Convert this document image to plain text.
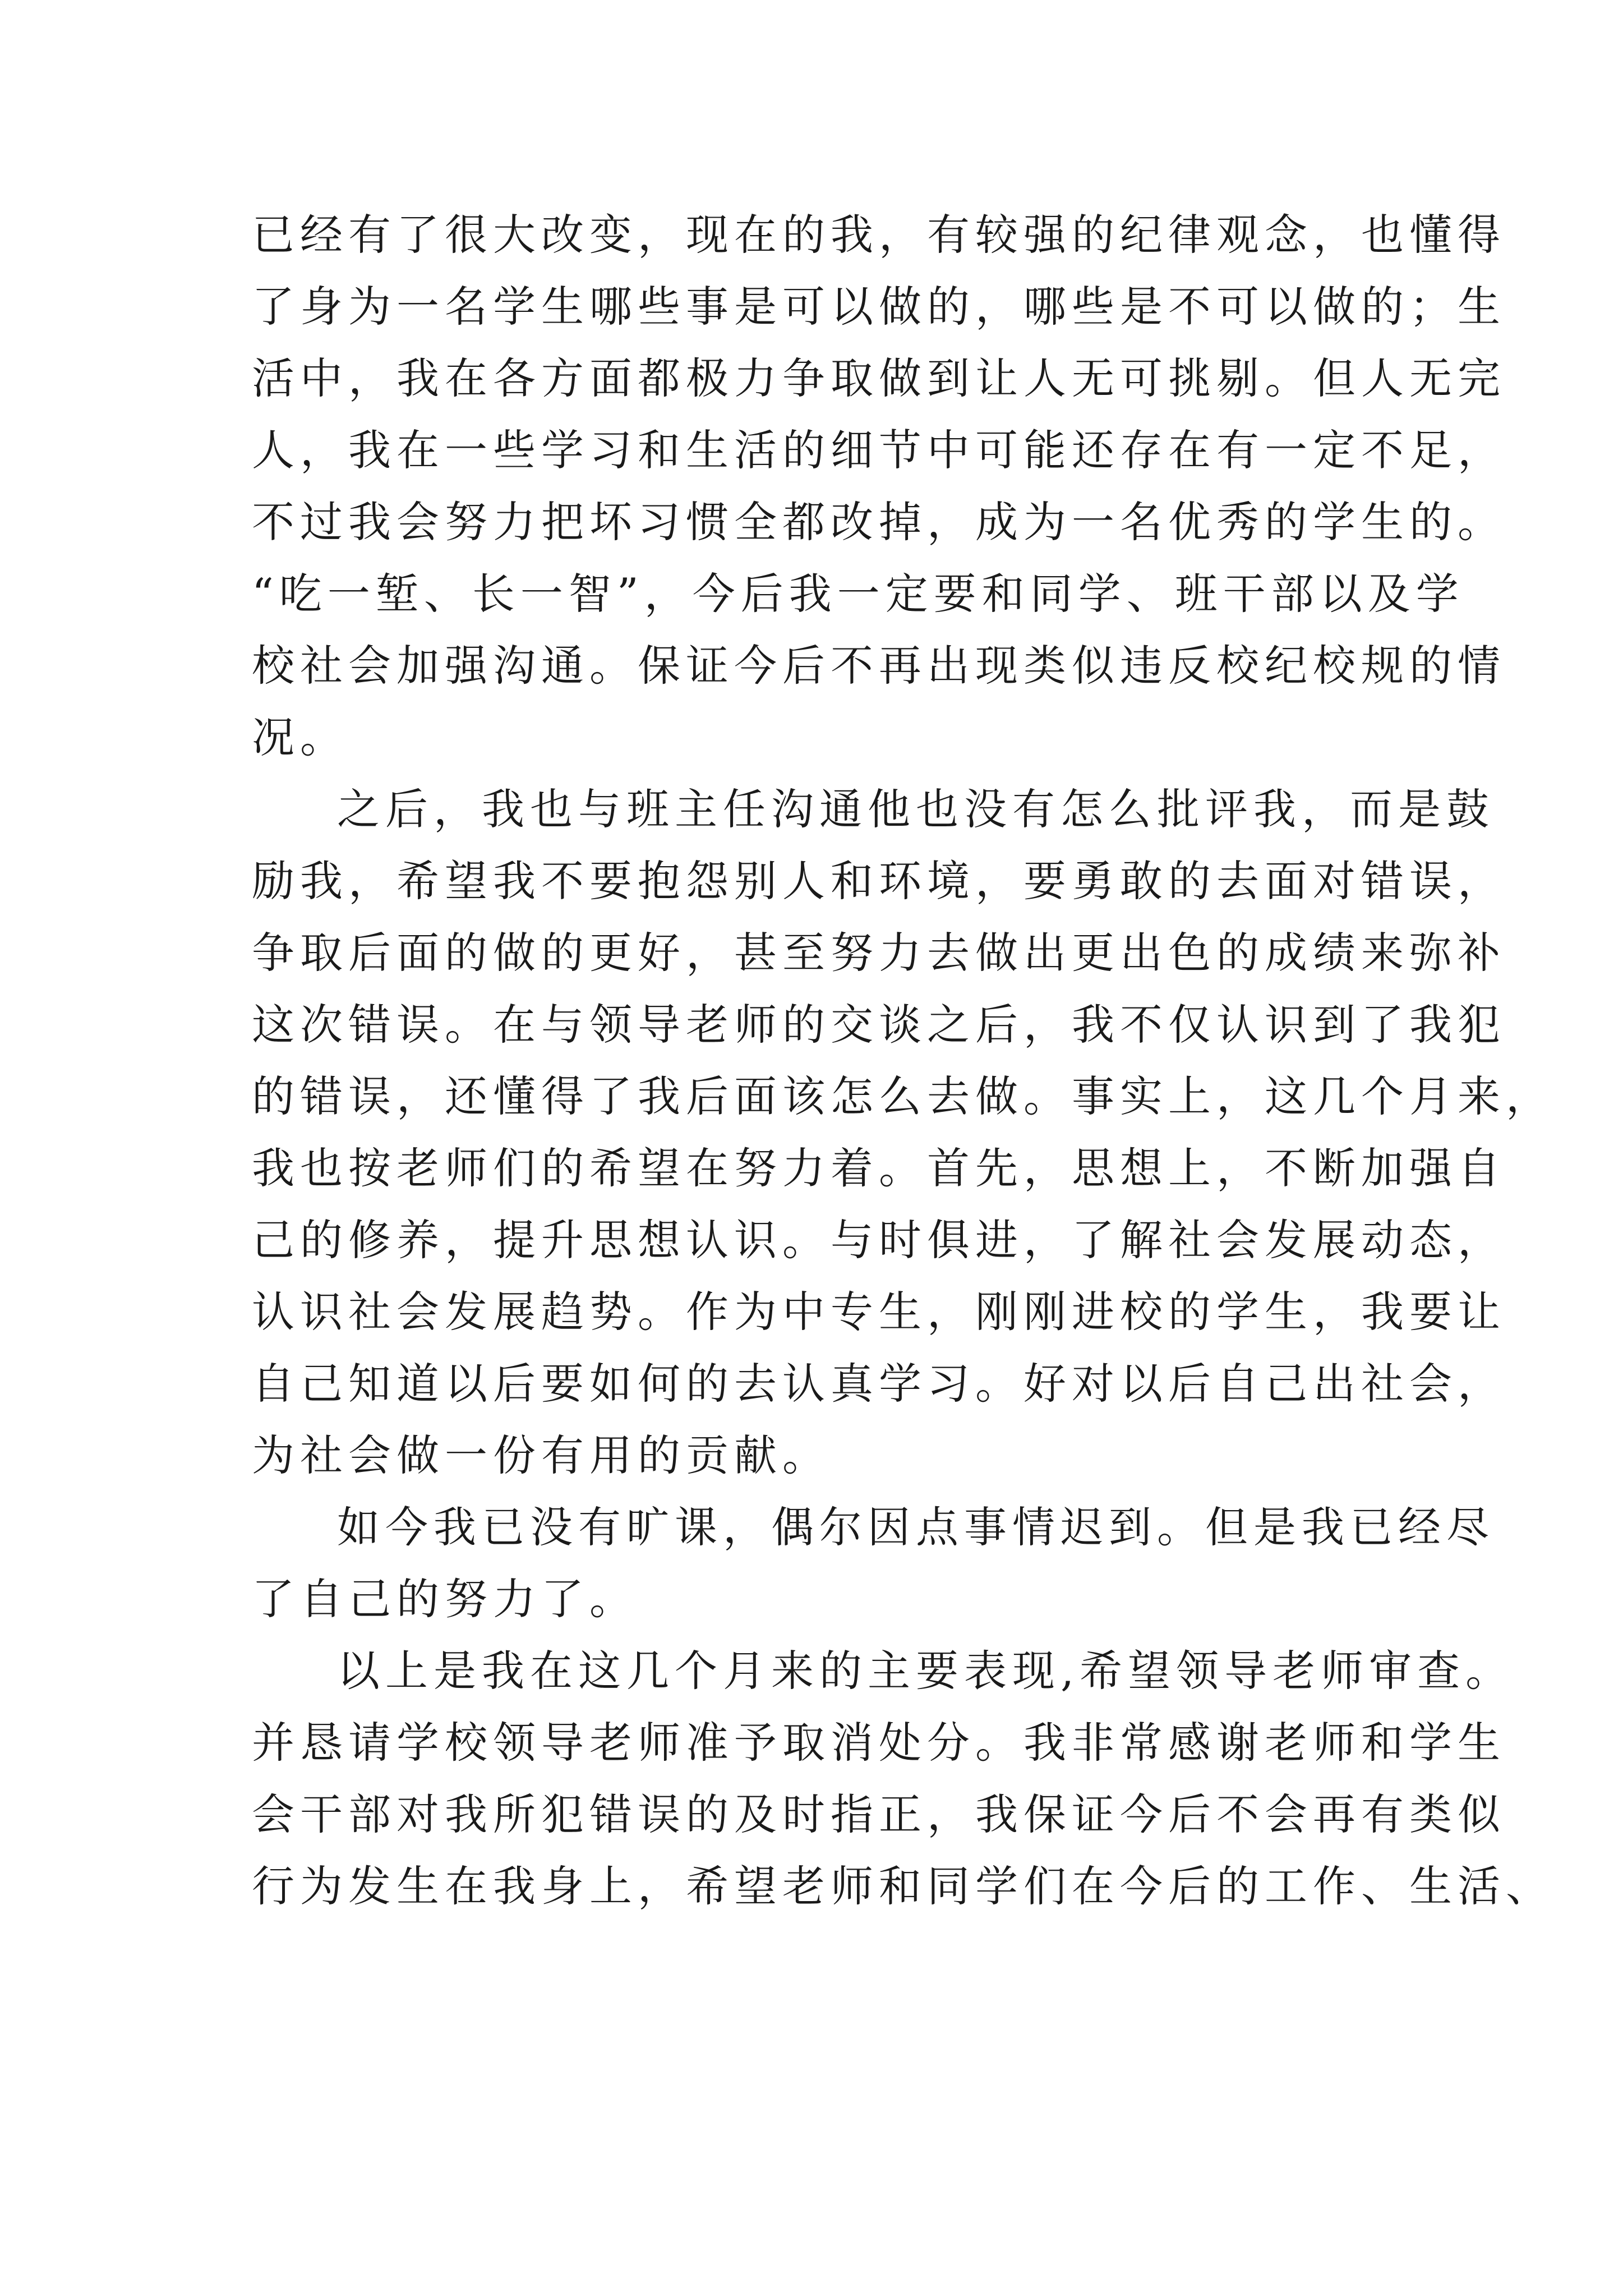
已经有了很大改变，现在的我，有较强的纪律观念，也懂得
了身为一名学生哪些事是可以做的，哪些是不可以做的；生
活中，我在各方面都极力争取做到让人无可挑剔。但人无完
人，我在一些学习和生活的细节中可能还存在有一定不足，
不过我会努力把坏习惯全都改掉，成为一名优秀的学生的。
“吃一堑、长一智”，今后我一定要和同学、班干部以及学
校社会加强沟通。保证今后不再出现类似违反校纪校规的情
况。
之后，我也与班主任沟通他也没有怎么批评我，而是鼓
励我，希望我不要抱怨别人和环境，要勇敢的去面对错误，
争取后面的做的更好，甚至努力去做出更出色的成绩来弥补
这次错误。在与领导老师的交谈之后，我不仅认识到了我犯
的错误，还懂得了我后面该怎么去做。事实上，这几个月来，
我也按老师们的希望在努力着。首先，思想上，不断加强自
己的修养，提升思想认识。与时俱进，了解社会发展动态，
认识社会发展趋势。作为中专生，刚刚进校的学生，我要让
自己知道以后要如何的去认真学习。好对以后自己出社会，
为社会做一份有用的贡献。
如今我已没有旷课，偶尔因点事情迟到。但是我已经尽
了自己的努力了。
以上是我在这几个月来的主要表现,希望领导老师审查。
并恳请学校领导老师准予取消处分。我非常感谢老师和学生
会干部对我所犯错误的及时指正，我保证今后不会再有类似
行为发生在我身上，希望老师和同学们在今后的工作、生活、
